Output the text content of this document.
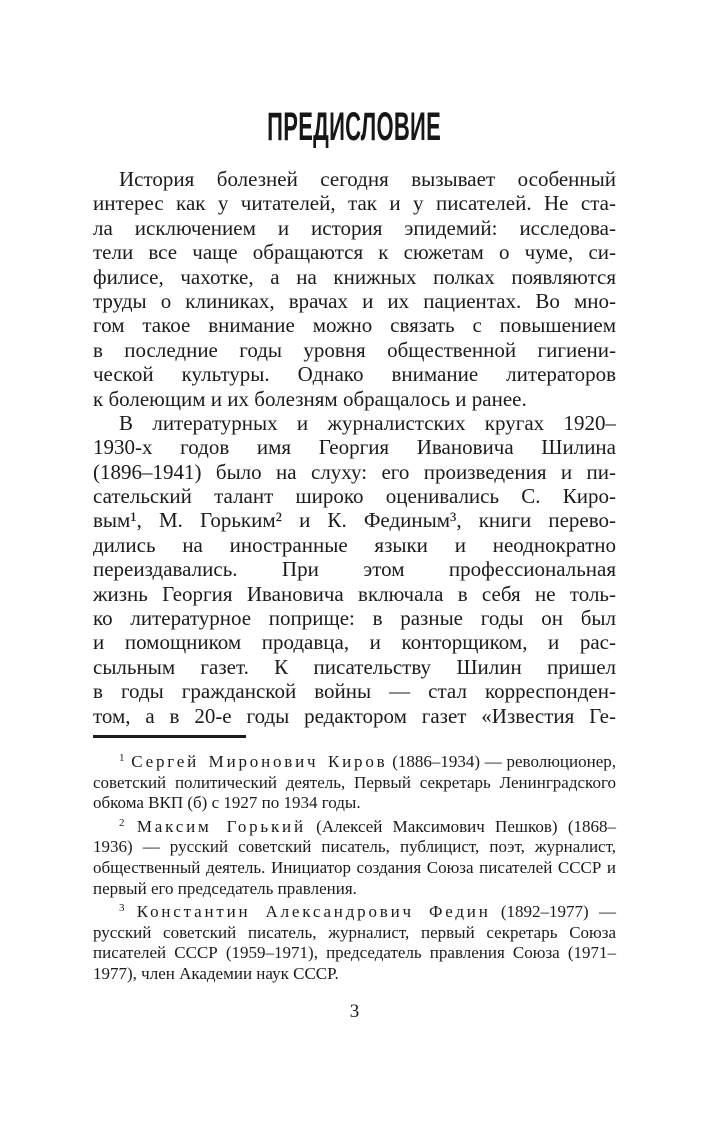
ПРЕДИСЛОВИЕ
История болезней сегодня вызывает особенный
интерес как у читателей, так и у писателей. Не ста-
ла исключением и история эпидемий: исследова-
тели все чаще обращаются к сюжетам о чуме, си-
филисе, чахотке, а на книжных полках появляются
труды о клиниках, врачах и их пациентах. Во мно-
гом такое внимание можно связать с повышением
в последние годы уровня общественной гигиени-
ческой культуры. Однако внимание литераторов
к болеющим и их болезням обращалось и ранее.
В литературных и журналистских кругах 1920–
1930-х годов имя Георгия Ивановича Шилина
(1896–1941) было на слуху: его произведения и пи-
сательский талант широко оценивались С. Киро-
вым¹, М. Горьким² и К. Фединым³, книги перево-
дились на иностранные языки и неоднократно
переиздавались. При этом профессиональная
жизнь Георгия Ивановича включала в себя не толь-
ко литературное поприще: в разные годы он был
и помощником продавца, и конторщиком, и рас-
сыльным газет. К писательству Шилин пришел
в годы гражданской войны — стал корреспонден-
том, а в 20-е годы редактором газет «Известия Ге-

$^1$ Сергей Миронович Киров (1886–1934) — революционер, советский политический деятель, Первый секретарь Ленинградского обкома ВКП (б) с 1927 по 1934 годы.

$^2$ Максим Горький (Алексей Максимович Пешков) (1868–1936) — русский советский писатель, публицист, поэт, журналист, общественный деятель. Инициатор создания Союза писателей СССР и первый его председатель правления.

$^3$ Константин Александрович Федин (1892–1977) — русский советский писатель, журналист, первый секретарь Союза писателей СССР (1959–1971), председатель правления Союза (1971–1977), член Академии наук СССР.

3
